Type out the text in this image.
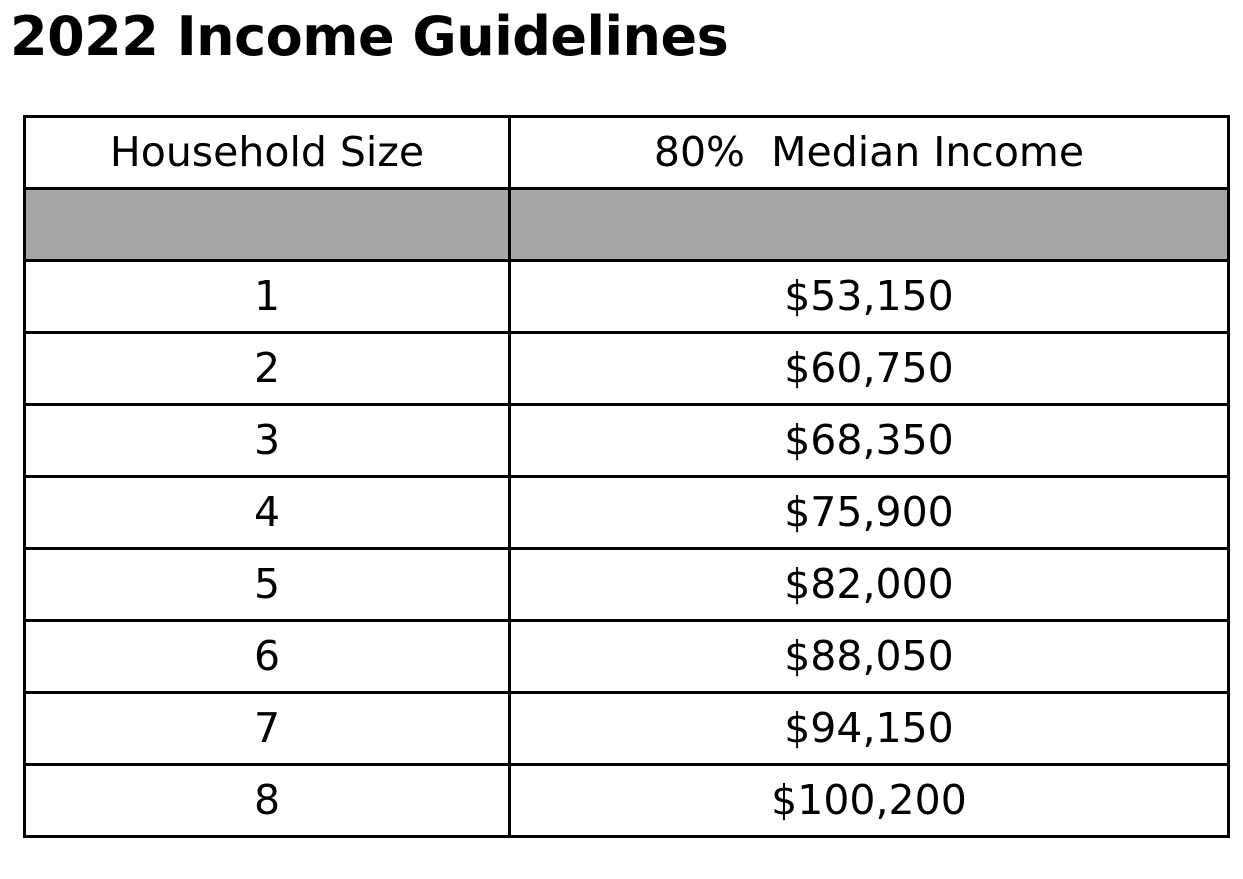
2022 Income Guidelines
Household Size	80%  Median Income

1	$53,150
2	$60,750
3	$68,350
4	$75,900
5	$82,000
6	$88,050
7	$94,150
8	$100,200
